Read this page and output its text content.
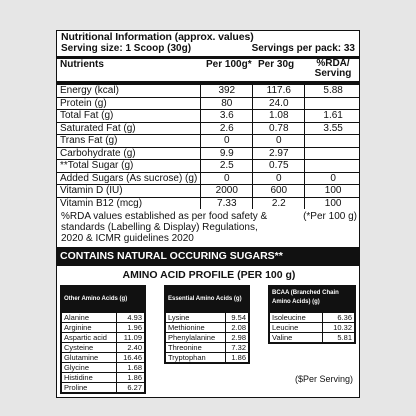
Nutritional Information (approx. values)
Serving size: 1 Scoop (30g)	Servings per pack: 33
Nutrients	Per 100g* Per 30g	%RDA/ Serving
Energy (kcal)	392	117.6	5.88
Protein (g)	80	24.0	
Total Fat (g)	3.6	1.08	1.61
Saturated Fat (g)	2.6	0.78	3.55
Trans Fat (g)	0	0	
Carbohydrate (g)	9.9	2.97	
**Total Sugar (g)	2.5	0.75	
Added Sugars (As sucrose) (g)	0	0	0
Vitamin D (IU)	2000	600	100
Vitamin B12 (mcg)	7.33	2.2	100
%RDA values established as per food safety & standards (Labelling & Display) Regulations, 2020 & ICMR guidelines 2020
(*Per 100 g)
CONTAINS NATURAL OCCURING SUGARS**
AMINO ACID PROFILE (PER 100 g)
Other Amino Acids (g)
Alanine	4.93
Arginine	1.96
Aspartic acid	11.09
Cysteine	2.40
Glutamine	16.46
Glycine	1.68
Histidine	1.86
Proline	6.27
Essential Amino Acids (g)
Lysine	9.54
Methionine	2.08
Phenylalanine	2.98
Threonine	7.32
Tryptophan	1.86
BCAA (Branched Chain Amino Acids) (g)
Isoleucine	6.36
Leucine	10.32
Valine	5.81
($Per Serving)
